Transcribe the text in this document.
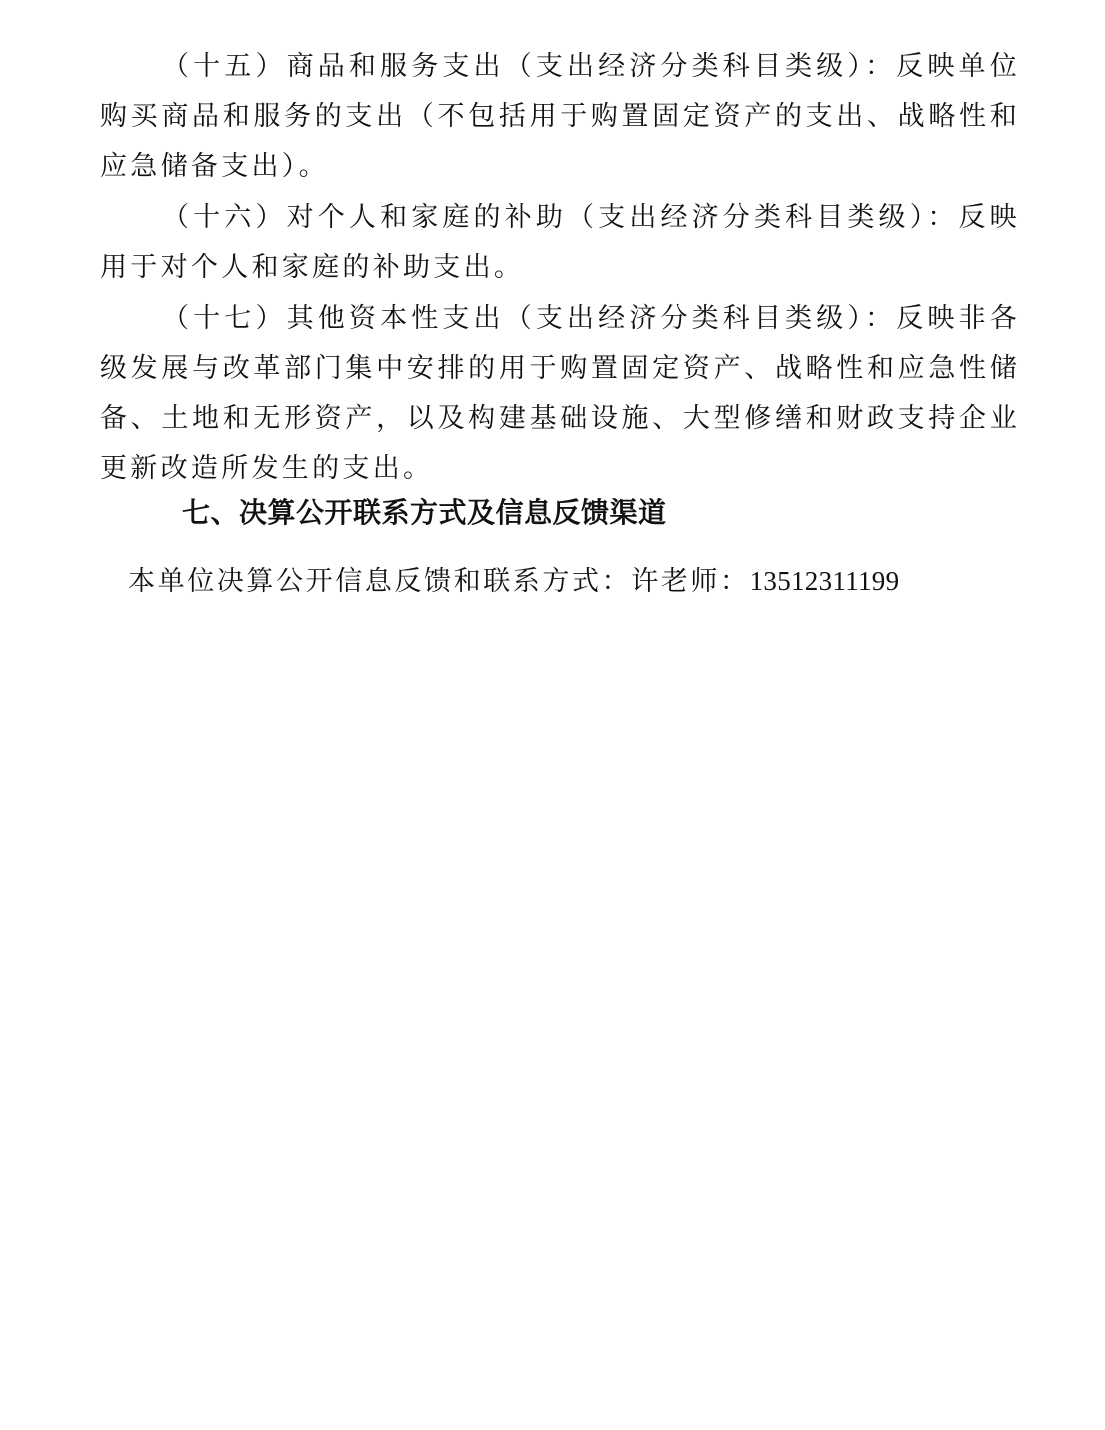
（十五）商品和服务支出（支出经济分类科目类级）：反映单位购买商品和服务的支出（不包括用于购置固定资产的支出、战略性和应急储备支出）。

（十六）对个人和家庭的补助（支出经济分类科目类级）：反映用于对个人和家庭的补助支出。

（十七）其他资本性支出（支出经济分类科目类级）：反映非各级发展与改革部门集中安排的用于购置固定资产、战略性和应急性储备、土地和无形资产，以及构建基础设施、大型修缮和财政支持企业更新改造所发生的支出。

七、决算公开联系方式及信息反馈渠道

本单位决算公开信息反馈和联系方式：许老师：13512311199
